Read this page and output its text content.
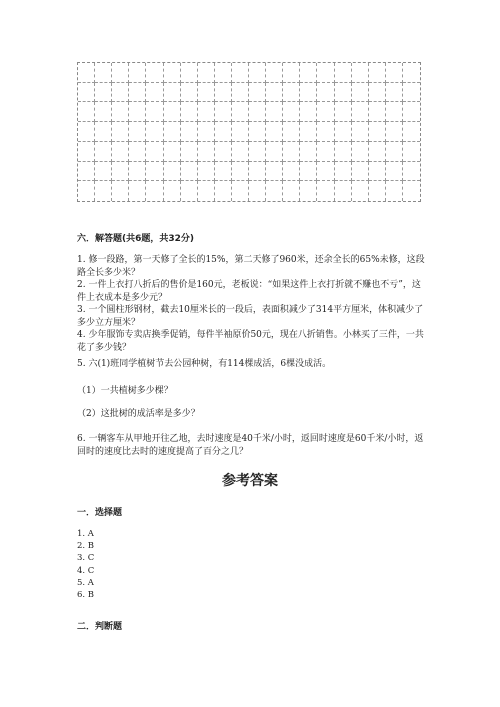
六．解答题(共6题，共32分)
1. 修一段路，第一天修了全长的15%，第二天修了960米，还余全长的65%未修，这段路全长多少米？
2. 一件上衣打八折后的售价是160元，老板说：“如果这件上衣打折就不赚也不亏”，这件上衣成本是多少元？
3. 一个圆柱形钢材，截去10厘米长的一段后，表面积减少了314平方厘米，体积减少了多少立方厘米？
4. 少年服饰专卖店换季促销，每件半袖原价50元，现在八折销售。小林买了三件，一共花了多少钱？
5. 六(1)班同学植树节去公园种树，有114棵成活，6棵没成活。
（1）一共植树多少棵？
（2）这批树的成活率是多少？
6. 一辆客车从甲地开往乙地，去时速度是40千米/小时，返回时速度是60千米/小时，返回时的速度比去时的速度提高了百分之几？
参考答案
一．选择题
1. A
2. B
3. C
4. C
5. A
6. B
二．判断题
